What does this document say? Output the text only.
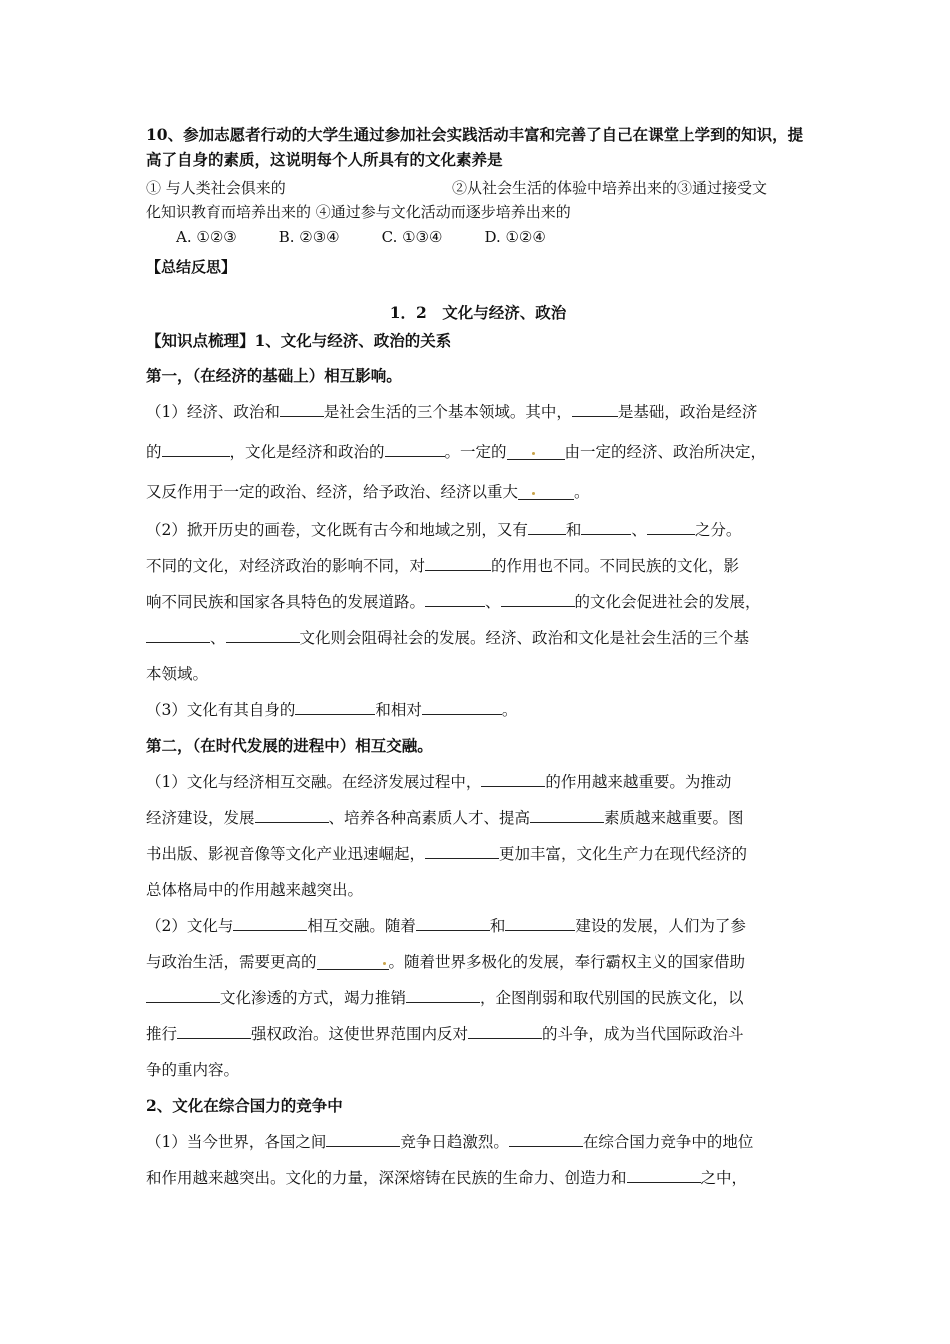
10、参加志愿者行动的大学生通过参加社会实践活动丰富和完善了自己在课堂上学到的知识，提高了自身的素质，这说明每个人所具有的文化素养是
① 与人类社会俱来的	②从社会生活的体验中培养出来的③通过接受文
化知识教育而培养出来的 ④通过参与文化活动而逐步培养出来的
A. ①②③	B. ②③④	C. ①③④	D. ①②④
【总结反思】
1．2　文化与经济、政治
【知识点梳理】1、文化与经济、政治的关系
第一，（在经济的基础上）相互影响。
（1）经济、政治和	是社会生活的三个基本领域。其中，	是基础，政治是经济
的	，文化是经济和政治的	。一定的	由一定的经济、政治所决定，
又反作用于一定的政治、经济，给予政治、经济以重大	。
（2）掀开历史的画卷，文化既有古今和地域之别，又有 和	、	之分。
不同的文化，对经济政治的影响不同，对	的作用也不同。不同民族的文化，影
响不同民族和国家各具特色的发展道路。	、	的文化会促进社会的发展，
、	文化则会阻碍社会的发展。经济、政治和文化是社会生活的三个基
本领域。
（3）文化有其自身的	和相对	。
第二，（在时代发展的进程中）相互交融。
（1）文化与经济相互交融。在经济发展过程中，	的作用越来越重要。为推动
经济建设，发展	、培养各种高素质人才、提高	素质越来越重要。图
书出版、影视音像等文化产业迅速崛起，	更加丰富，文化生产力在现代经济的
总体格局中的作用越来越突出。
（2）文化与	相互交融。随着	和	建设的发展，人们为了参
与政治生活，需要更高的	。随着世界多极化的发展，奉行霸权主义的国家借助
文化渗透的方式，竭力推销	，企图削弱和取代别国的民族文化，以
推行	强权政治。这使世界范围内反对	的斗争，成为当代国际政治斗
争的重内容。
2、文化在综合国力的竞争中
（1）当今世界，各国之间	竞争日趋激烈。	在综合国力竞争中的地位
和作用越来越突出。文化的力量，深深熔铸在民族的生命力、创造力和	之中，
